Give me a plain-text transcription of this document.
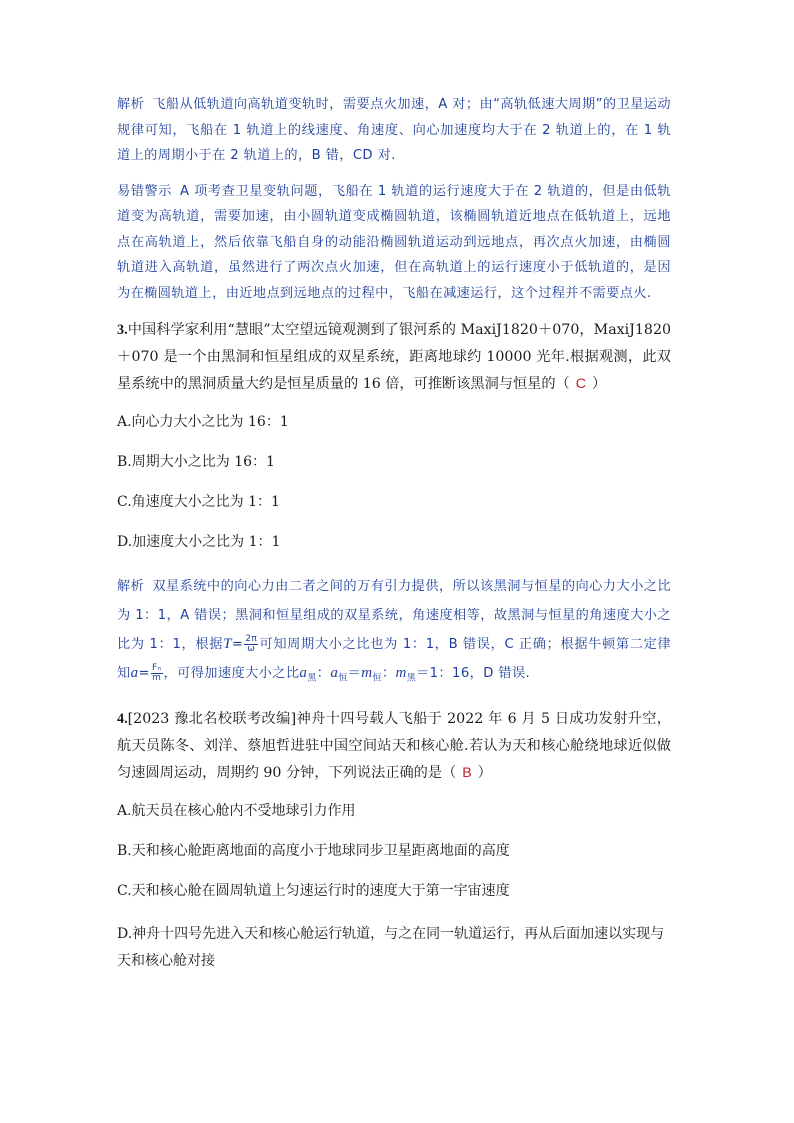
解析 飞船从低轨道向高轨道变轨时，需要点火加速，A 对；由“高轨低速大周期”的卫星运动规律可知，飞船在 1 轨道上的线速度、角速度、向心加速度均大于在 2 轨道上的，在 1 轨道上的周期小于在 2 轨道上的，B 错，CD 对.
易错警示 A 项考查卫星变轨问题，飞船在 1 轨道的运行速度大于在 2 轨道的，但是由低轨道变为高轨道，需要加速，由小圆轨道变成椭圆轨道，该椭圆轨道近地点在低轨道上，远地点在高轨道上，然后依靠飞船自身的动能沿椭圆轨道运动到远地点，再次点火加速，由椭圆轨道进入高轨道，虽然进行了两次点火加速，但在高轨道上的运行速度小于低轨道的，是因为在椭圆轨道上，由近地点到远地点的过程中，飞船在减速运行，这个过程并不需要点火.
3.中国科学家利用“慧眼”太空望远镜观测到了银河系的 MaxiJ1820＋070，MaxiJ1820＋070 是一个由黑洞和恒星组成的双星系统，距离地球约 10000 光年.根据观测，此双星系统中的黑洞质量大约是恒星质量的 16 倍，可推断该黑洞与恒星的（ C ）
A.向心力大小之比为 16：1
B.周期大小之比为 16：1
C.角速度大小之比为 1：1
D.加速度大小之比为 1：1
解析 双星系统中的向心力由二者之间的万有引力提供，所以该黑洞与恒星的向心力大小之比为 1：1，A 错误；黑洞和恒星组成的双星系统，角速度相等，故黑洞与恒星的角速度大小之比为 1：1，根据$T= \frac{2\pi}{\omega}$ 可知周期大小之比也为 1：1，B 错误，C 正确；根据牛顿第二定律知$a= \frac{\text{Fₙ}}{m}$ ，可得加速度大小之比$a_黑$：$a_恒=m_恒$：$m_黑=1$：16，D 错误.
4.[2023 豫北名校联考改编]神舟十四号载人飞船于 2022 年 6 月 5 日成功发射升空，航天员陈冬、刘洋、蔡旭哲进驻中国空间站天和核心舱.若认为天和核心舱绕地球近似做匀速圆周运动，周期约 90 分钟，下列说法正确的是（ B ）
A.航天员在核心舱内不受地球引力作用
B.天和核心舱距离地面的高度小于地球同步卫星距离地面的高度
C.天和核心舱在圆周轨道上匀速运行时的速度大于第一宇宙速度
D.神舟十四号先进入天和核心舱运行轨道，与之在同一轨道运行，再从后面加速以实现与天和核心舱对接
